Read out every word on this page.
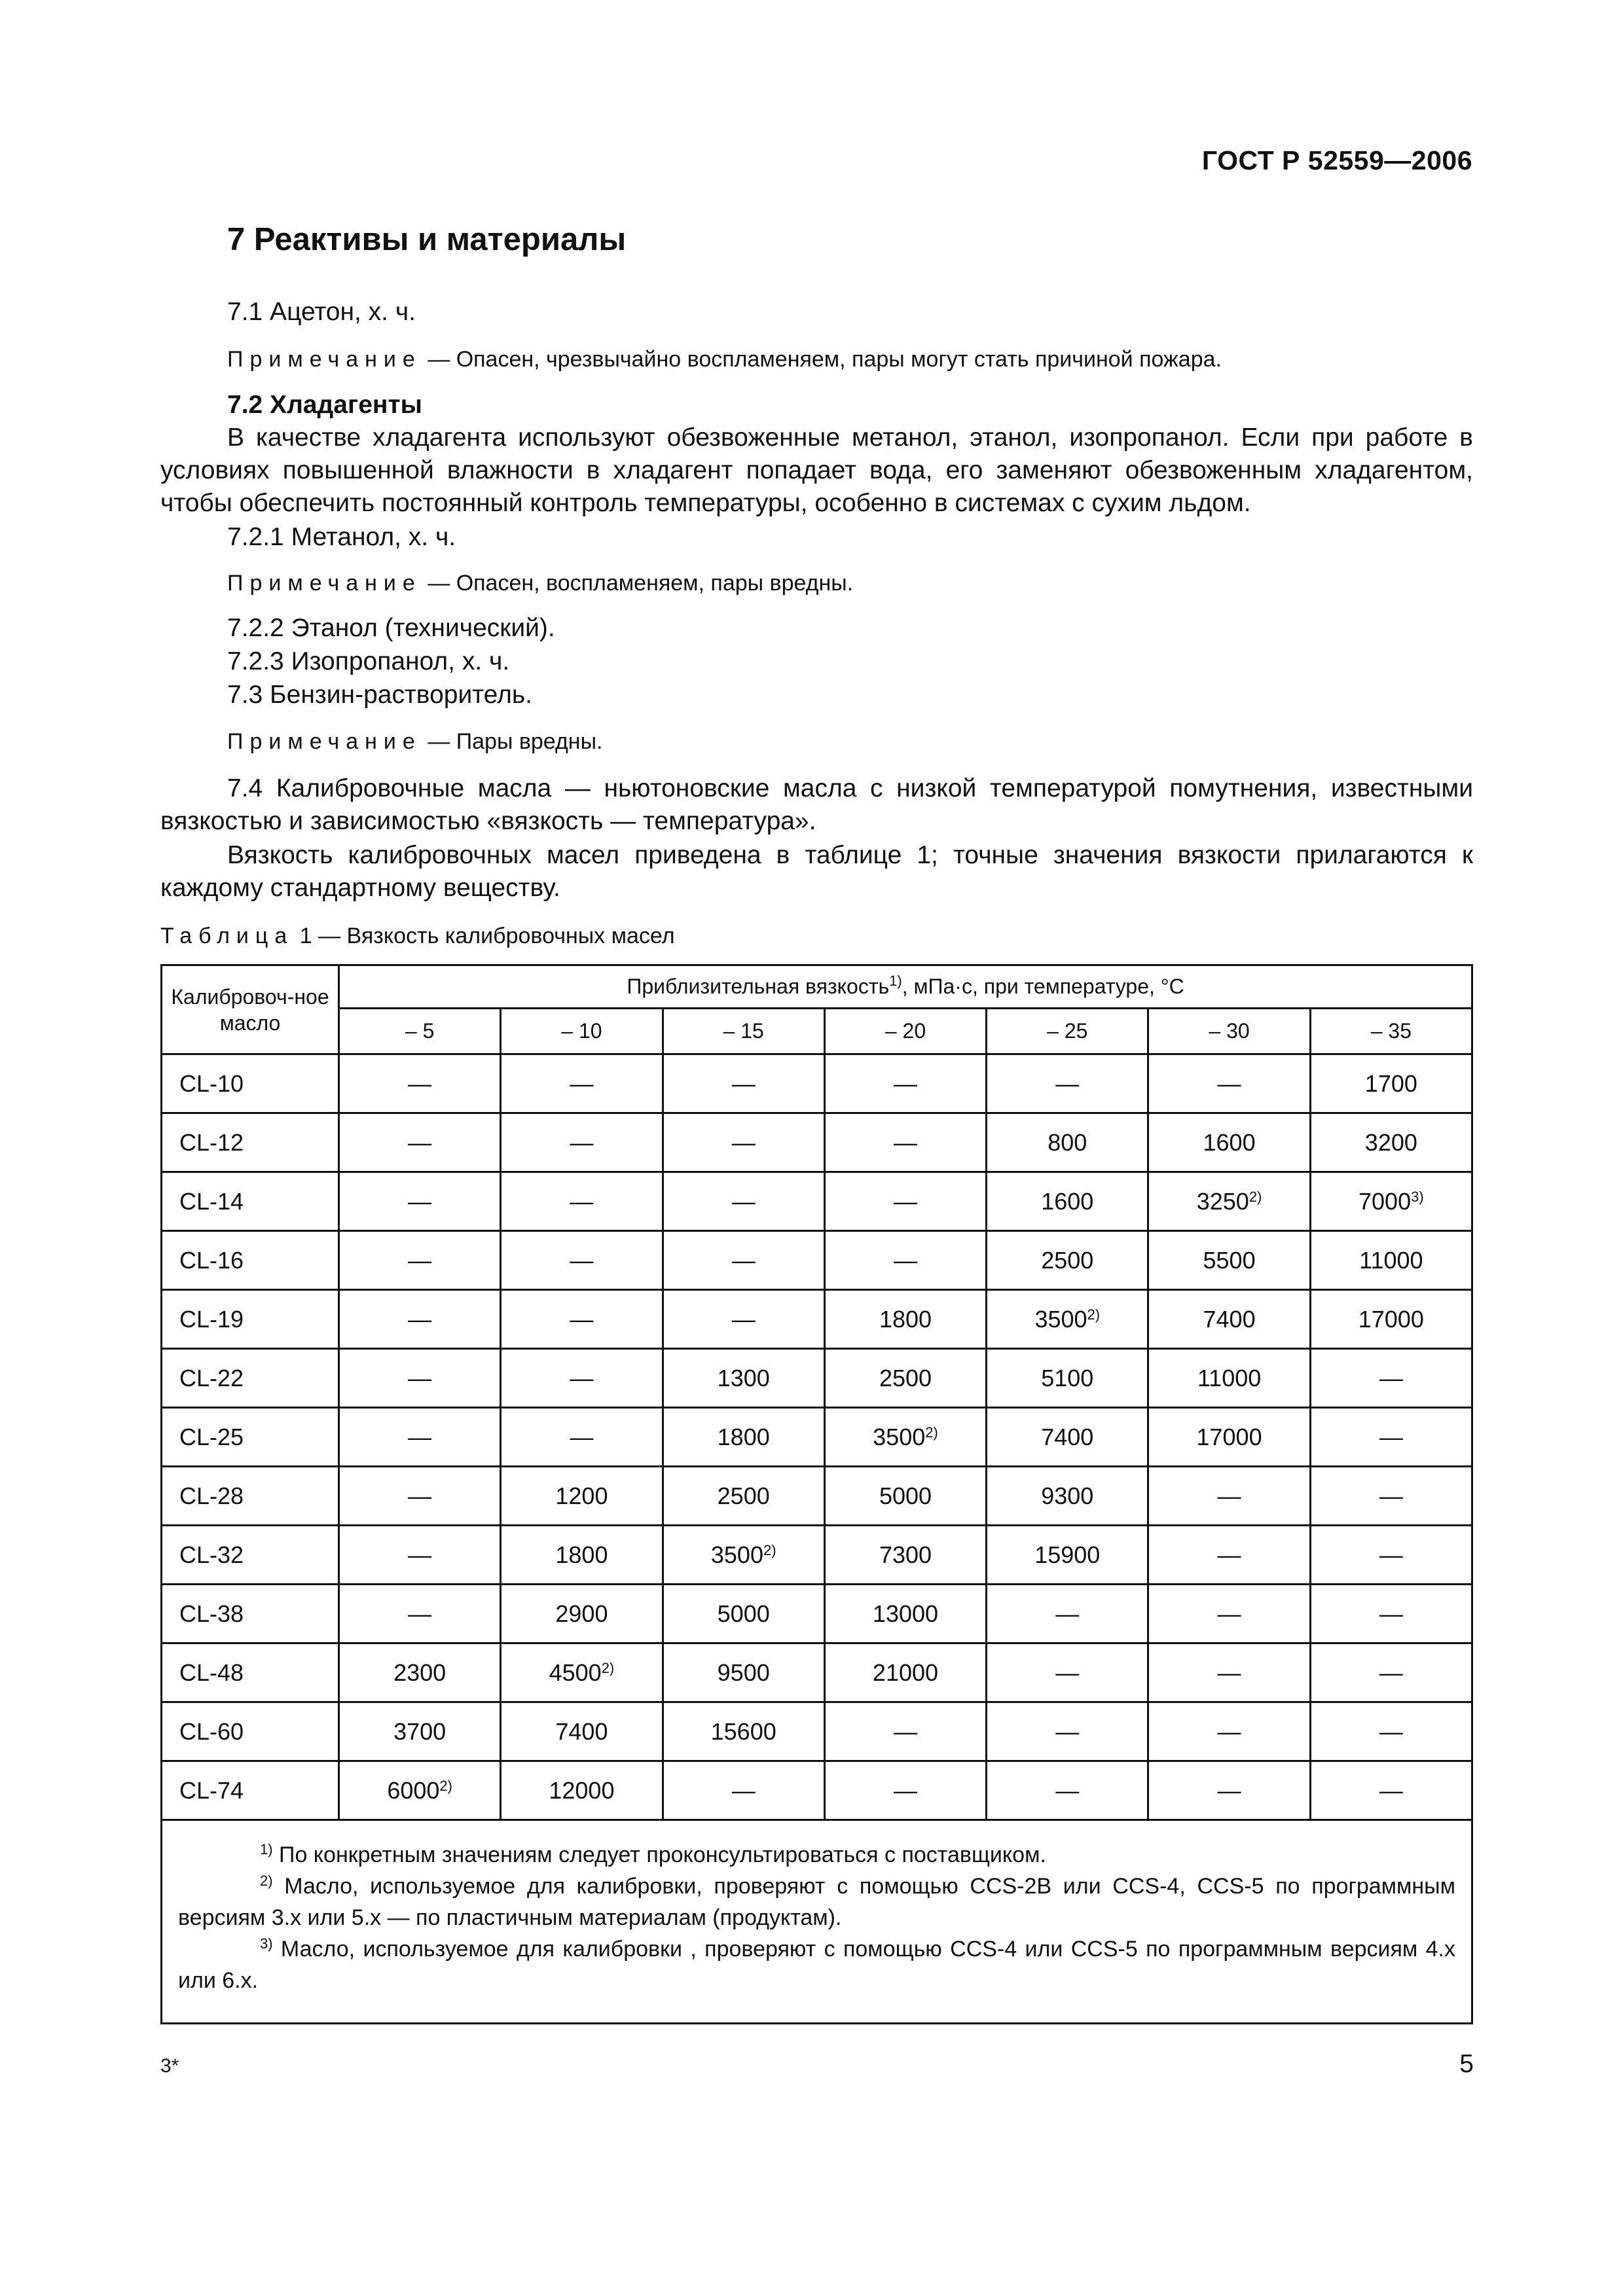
ГОСТ Р 52559—2006
7 Реактивы и материалы
7.1 Ацетон, х. ч.
Примечание — Опасен, чрезвычайно воспламеняем, пары могут стать причиной пожара.
7.2 Хладагенты
В качестве хладагента используют обезвоженные метанол, этанол, изопропанол. Если при работе в условиях повышенной влажности в хладагент попадает вода, его заменяют обезвоженным хладагентом, чтобы обеспечить постоянный контроль температуры, особенно в системах с сухим льдом.
7.2.1 Метанол, х. ч.
Примечание — Опасен, воспламеняем, пары вредны.
7.2.2 Этанол (технический).
7.2.3 Изопропанол, х. ч.
7.3 Бензин-растворитель.
Примечание — Пары вредны.
7.4 Калибровочные масла — ньютоновские масла с низкой температурой помутнения, известными вязкостью и зависимостью «вязкость — температура».
Вязкость калибровочных масел приведена в таблице 1; точные значения вязкости прилагаются к каждому стандартному веществу.
Таблица 1 — Вязкость калибровочных масел
Калибровоч-ное масло	Приблизительная вязкость$^{1)}$, мПа·с, при температуре, °С						
	– 5	– 10	– 15	– 20	– 25	– 30	– 35
CL-10	—	—	—	—	—	—	1700
CL-12	—	—	—	—	800	1600	3200
CL-14	—	—	—	—	1600	3250$^{2)}$	7000$^{3)}$
CL-16	—	—	—	—	2500	5500	11000
CL-19	—	—	—	1800	3500$^{2)}$	7400	17000
CL-22	—	—	1300	2500	5100	11000	—
CL-25	—	—	1800	3500$^{2)}$	7400	17000	—
CL-28	—	1200	2500	5000	9300	—	—
CL-32	—	1800	3500$^{2)}$	7300	15900	—	—
CL-38	—	2900	5000	13000	—	—	—
CL-48	2300	4500$^{2)}$	9500	21000	—	—	—
CL-60	3700	7400	15600	—	—	—	—
CL-74	6000$^{2)}$	12000	—	—	—	—	—

$^{1)}$ По конкретным значениям следует проконсультироваться с поставщиком.
$^{2)}$ Масло, используемое для калибровки, проверяют с помощью CCS-2В или CCS-4, CCS-5 по программным версиям 3.х или 5.х — по пластичным материалам (продуктам).
$^{3)}$ Масло, используемое для калибровки , проверяют с помощью CCS-4 или CCS-5 по программным версиям 4.х или 6.х.							
3*	5
